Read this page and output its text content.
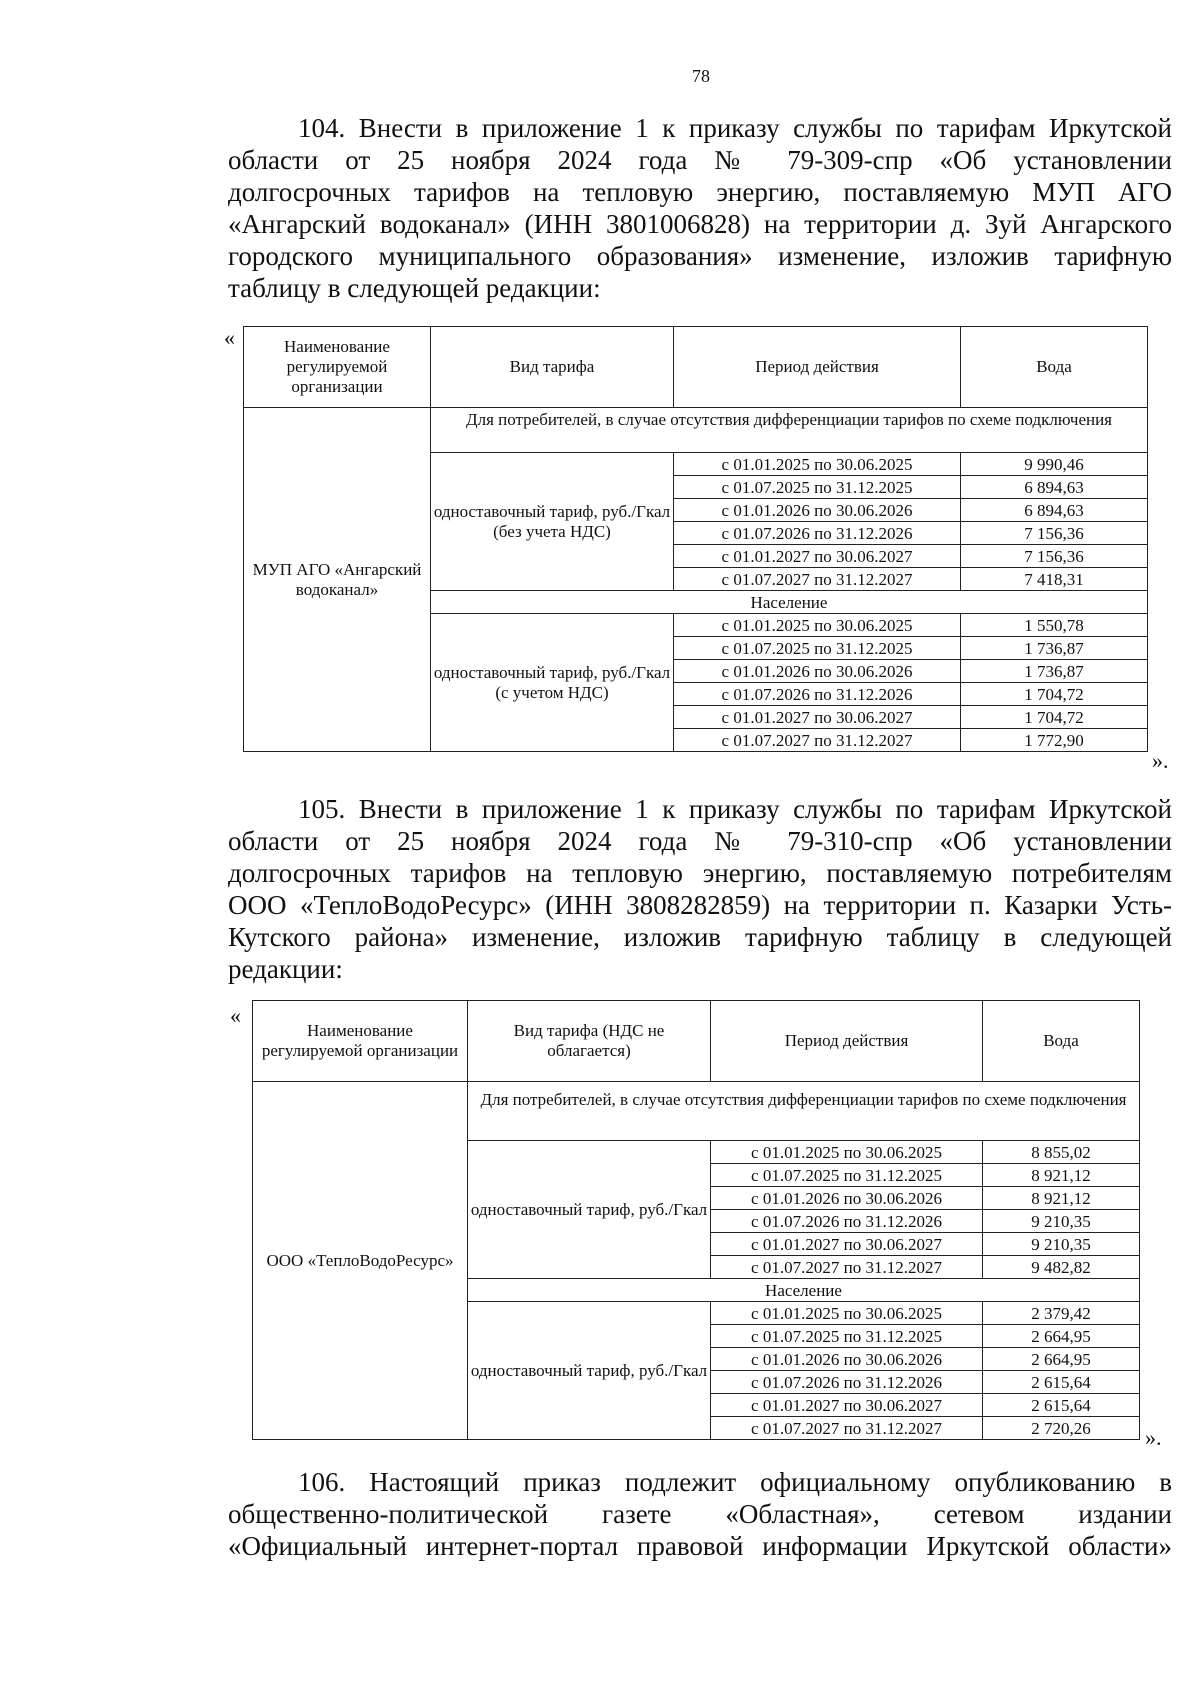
78
104. Внести в приложение 1 к приказу службы по тарифам Иркутской
области от 25 ноября 2024 года № 79-309-спр «Об установлении
долгосрочных тарифов на тепловую энергию, поставляемую МУП АГО
«Ангарский водоканал» (ИНН 3801006828) на территории д. Зуй Ангарского
городского муниципального образования» изменение, изложив тарифную
таблицу в следующей редакции:
«	Наименование регулируемой организации	Вид тарифа	Период действия	Вода
МУП АГО «Ангарский водоканал»	Для потребителей, в случае отсутствия дифференциации тарифов по схеме подключения		
	одноставочный тариф, руб./Гкал (без учета НДС)	с 01.01.2025 по 30.06.2025	9 990,46
		с 01.07.2025 по 31.12.2025	6 894,63
		с 01.01.2026 по 30.06.2026	6 894,63
		с 01.07.2026 по 31.12.2026	7 156,36
		с 01.01.2027 по 30.06.2027	7 156,36
		с 01.07.2027 по 31.12.2027	7 418,31
	Население		
	одноставочный тариф, руб./Гкал (с учетом НДС)	с 01.01.2025 по 30.06.2025	1 550,78
		с 01.07.2025 по 31.12.2025	1 736,87
		с 01.01.2026 по 30.06.2026	1 736,87
		с 01.07.2026 по 31.12.2026	1 704,72
		с 01.01.2027 по 30.06.2027	1 704,72
		с 01.07.2027 по 31.12.2027	1 772,90
».
105. Внести в приложение 1 к приказу службы по тарифам Иркутской
области от 25 ноября 2024 года № 79-310-спр «Об установлении
долгосрочных тарифов на тепловую энергию, поставляемую потребителям
ООО «ТеплоВодоРесурс» (ИНН 3808282859) на территории п. Казарки Усть-
Кутского района» изменение, изложив тарифную таблицу в следующей
редакции:
«
Наименование регулируемой организации	Вид тарифа (НДС не облагается)	Период действия	Вода
ООО «ТеплоВодоРесурс»	Для потребителей, в случае отсутствия дифференциации тарифов по схеме подключения		
	одноставочный тариф, руб./Гкал	с 01.01.2025 по 30.06.2025	8 855,02
		с 01.07.2025 по 31.12.2025	8 921,12
		с 01.01.2026 по 30.06.2026	8 921,12
		с 01.07.2026 по 31.12.2026	9 210,35
		с 01.01.2027 по 30.06.2027	9 210,35
		с 01.07.2027 по 31.12.2027	9 482,82
	Население		
	одноставочный тариф, руб./Гкал	с 01.01.2025 по 30.06.2025	2 379,42
		с 01.07.2025 по 31.12.2025	2 664,95
		с 01.01.2026 по 30.06.2026	2 664,95
		с 01.07.2026 по 31.12.2026	2 615,64
		с 01.01.2027 по 30.06.2027	2 615,64
		с 01.07.2027 по 31.12.2027	2 720,26 ».
106. Настоящий приказ подлежит официальному опубликованию в
общественно-политической газете «Областная», сетевом издании
«Официальный интернет-портал правовой информации Иркутской области»
